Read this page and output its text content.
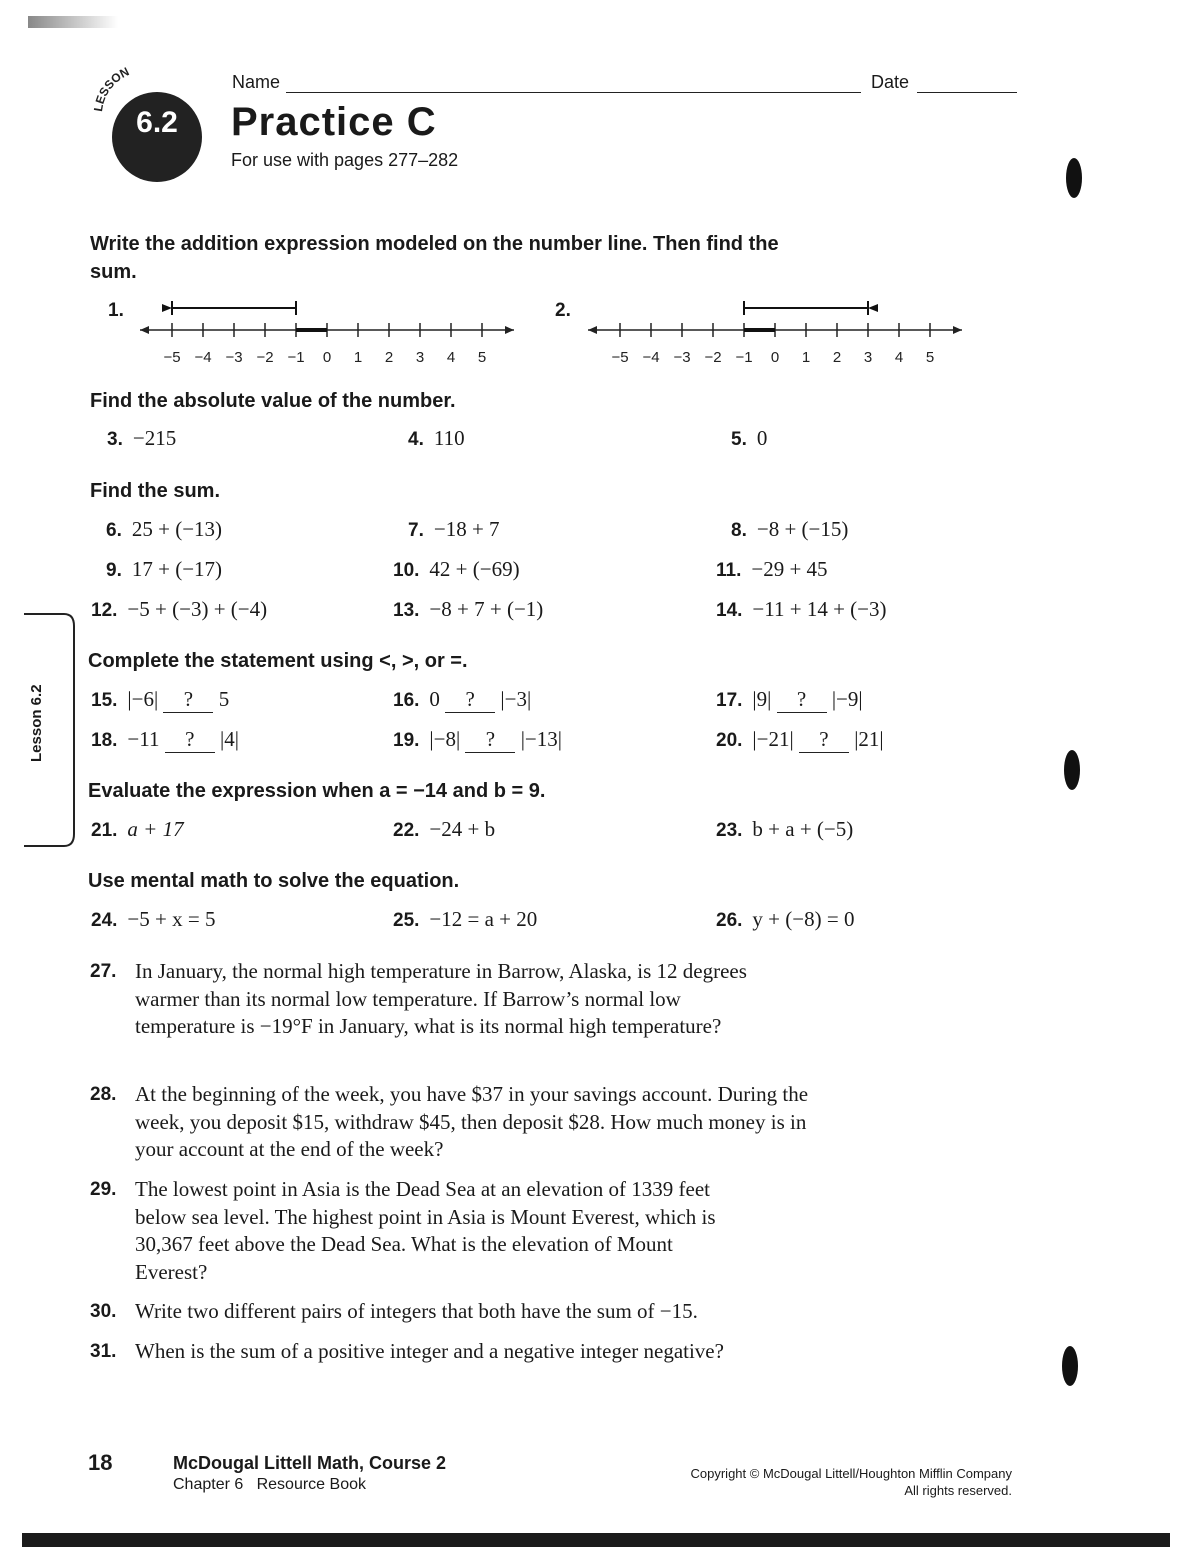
LESSON
6.2
Name	Date
Practice C
For use with pages 277–282
Write the addition expression modeled on the number line. Then find the sum.
1.
−5 −4 −3 −2 −1 0 1 2 3 4 5
2.
−5 −4 −3 −2 −1 0 1 2 3 4 5
Find the absolute value of the number.
3. −215	4. 110	5. 0
Find the sum.
6. 25 + (−13)	7. −18 + 7	8. −8 + (−15)
9. 17 + (−17)	10. 42 + (−69)	11. −29 + 45
12. −5 + (−3) + (−4)	13. −8 + 7 + (−1)	14. −11 + 14 + (−3)
Complete the statement using <, >, or =.
15. |−6| ? 5	16. 0 ? |−3|	17. |9| ? |−9|
18. −11 ? |4|	19. |−8| ? |−13|	20. |−21| ? |21|
Evaluate the expression when a = −14 and b = 9.
21. a + 17	22. −24 + b	23. b + a + (−5)
Use mental math to solve the equation.
24. −5 + x = 5	25. −12 = a + 20	26. y + (−8) = 0
27. In January, the normal high temperature in Barrow, Alaska, is 12 degrees warmer than its normal low temperature. If Barrow’s normal low temperature is −19°F in January, what is its normal high temperature?
28. At the beginning of the week, you have $37 in your savings account. During the week, you deposit $15, withdraw $45, then deposit $28. How much money is in your account at the end of the week?
29. The lowest point in Asia is the Dead Sea at an elevation of 1339 feet below sea level. The highest point in Asia is Mount Everest, which is 30,367 feet above the Dead Sea. What is the elevation of Mount Everest?
30. Write two different pairs of integers that both have the sum of −15.
31. When is the sum of a positive integer and a negative integer negative?
Lesson 6.2
18	McDougal Littell Math, Course 2
Chapter 6   Resource Book
Copyright © McDougal Littell/Houghton Mifflin Company
All rights reserved.
